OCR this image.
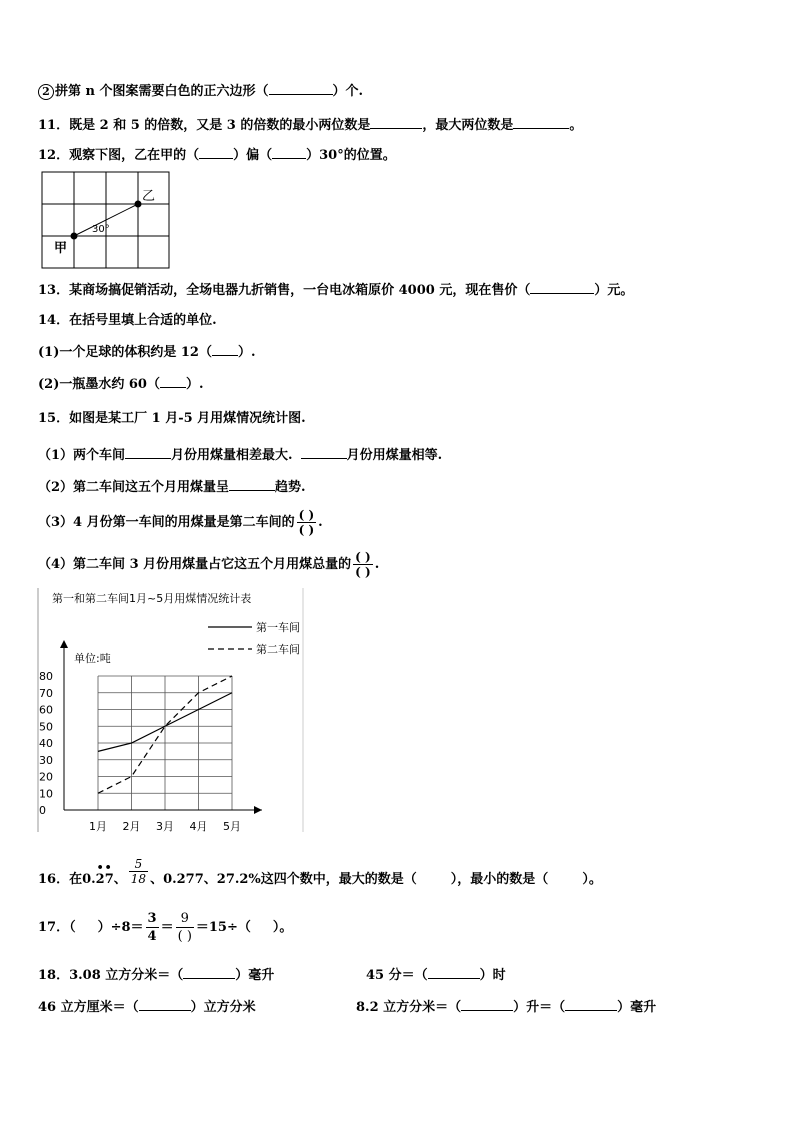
2 拼第 n 个图案需要白色的正六边形（	）个.
11．既是 2 和 5 的倍数，又是 3 的倍数的最小两位数是	，最大两位数是	。
12．观察下图，乙在甲的（	）偏（	）30°的位置。
乙
甲
30°
13．某商场搞促销活动，全场电器九折销售，一台电冰箱原价 4000 元，现在售价（	）元。
14．在括号里填上合适的单位.
(1)一个足球的体积约是 12（ ）.
(2)一瓶墨水约 60（ ）.
15．如图是某工厂 1 月-5 月用煤情况统计图.
（1）两个车间	月份用煤量相差最大.	月份用煤量相等.
（2）第二车间这五个月用煤量呈	趋势.
（3）4 月份第一车间的用煤量是第二车间的 $\frac{( )}{( )}$ .
（4）第二车间 3 月份用煤量占它这五个月用煤总量的 $\frac{( )}{( )}$ .
第一和第二车间1月~5月用煤情况统计表
第一车间
第二车间
单位:吨
0
10
20
30
40
50
60
70
80
1月 2月 3月 4月 5月
16．在0.
• •
27、 $\frac{5}{18}$ 、0.277、27.2%这四个数中，最大的数是（	），最小的数是（	）。
17．（ ）$\div 8= \frac{3}{4} = \frac{9}{( )} =15\div$（ ）。
18．3.08 立方分米＝（	）毫升	45 分＝（	）时
46 立方厘米＝（	）立方分米	8.2 立方分米＝（	）升＝（	）毫升
